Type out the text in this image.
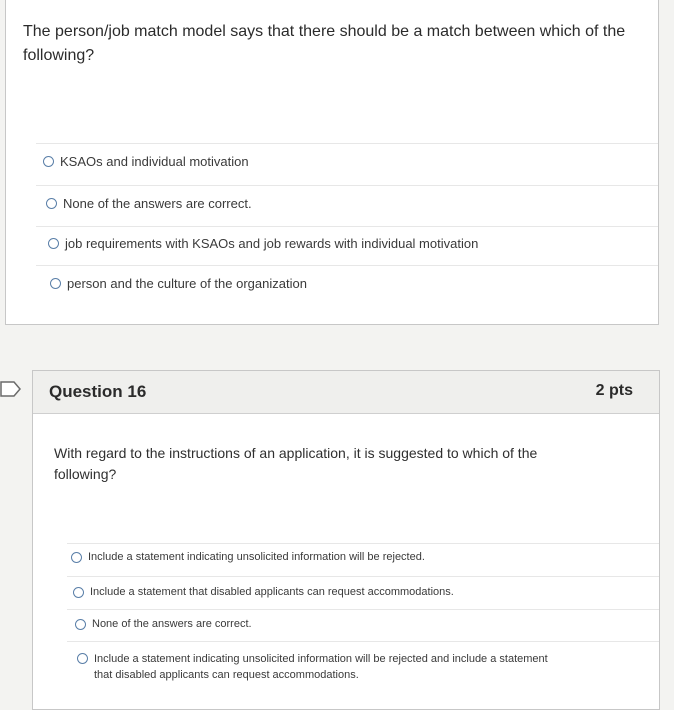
The person/job match model says that there should be a match between which of the following?
KSAOs and individual motivation
None of the answers are correct.
job requirements with KSAOs and job rewards with individual motivation
person and the culture of the organization
Question 16	2 pts
With regard to the instructions of an application, it is suggested to which of the following?
Include a statement indicating unsolicited information will be rejected.
Include a statement that disabled applicants can request accommodations.
None of the answers are correct.
Include a statement indicating unsolicited information will be rejected and include a statement that disabled applicants can request accommodations.
